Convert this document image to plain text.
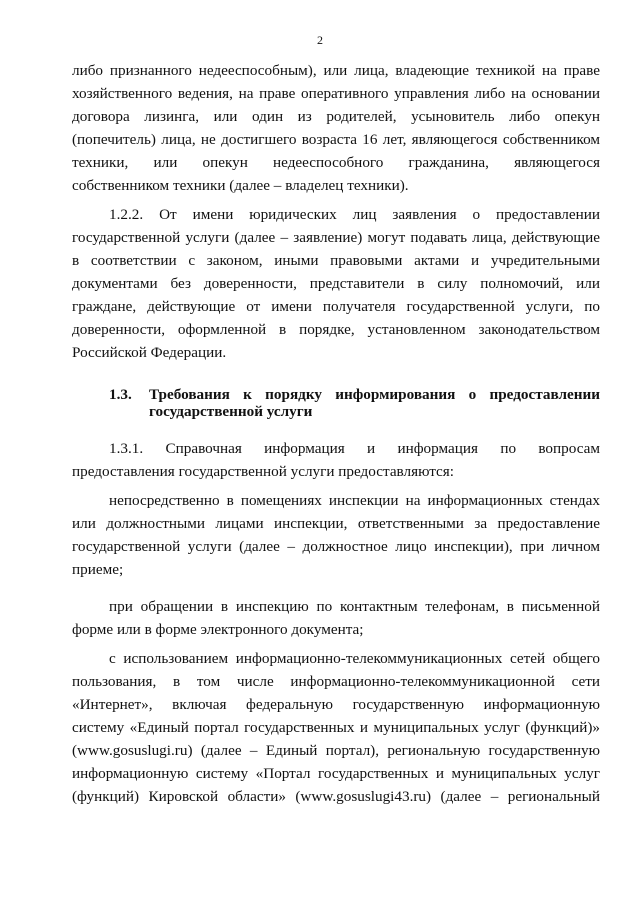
2
либо признанного недееспособным), или лица, владеющие техникой на праве
хозяйственного ведения, на праве оперативного управления либо на основании
договора лизинга, или один из родителей, усыновитель либо опекун
(попечитель) лица, не достигшего возраста 16 лет, являющегося собственником
техники, или опекун недееспособного гражданина, являющегося
собственником техники (далее – владелец техники).
1.2.2. От имени юридических лиц заявления о предоставлении
государственной услуги (далее – заявление) могут подавать лица, действующие
в соответствии с законом, иными правовыми актами и учредительными
документами без доверенности, представители в силу полномочий, или
граждане, действующие от имени получателя государственной услуги, по
доверенности, оформленной в порядке, установленном законодательством
Российской Федерации.
1.3.	Требования к порядку информирования о предоставлении государственной услуги
1.3.1. Справочная информация и информация по вопросам
предоставления государственной услуги предоставляются:
непосредственно в помещениях инспекции на информационных стендах
или должностными лицами инспекции, ответственными за предоставление
государственной услуги (далее – должностное лицо инспекции), при личном
приеме;
при обращении в инспекцию по контактным телефонам, в письменной
форме или в форме электронного документа;
с использованием информационно-телекоммуникационных сетей общего
пользования, в том числе информационно-телекоммуникационной сети
«Интернет», включая федеральную государственную информационную
систему «Единый портал государственных и муниципальных услуг (функций)»
(www.gosuslugi.ru) (далее – Единый портал), региональную государственную
информационную систему «Портал государственных и муниципальных услуг
(функций) Кировской области» (www.gosuslugi43.ru) (далее – региональный
